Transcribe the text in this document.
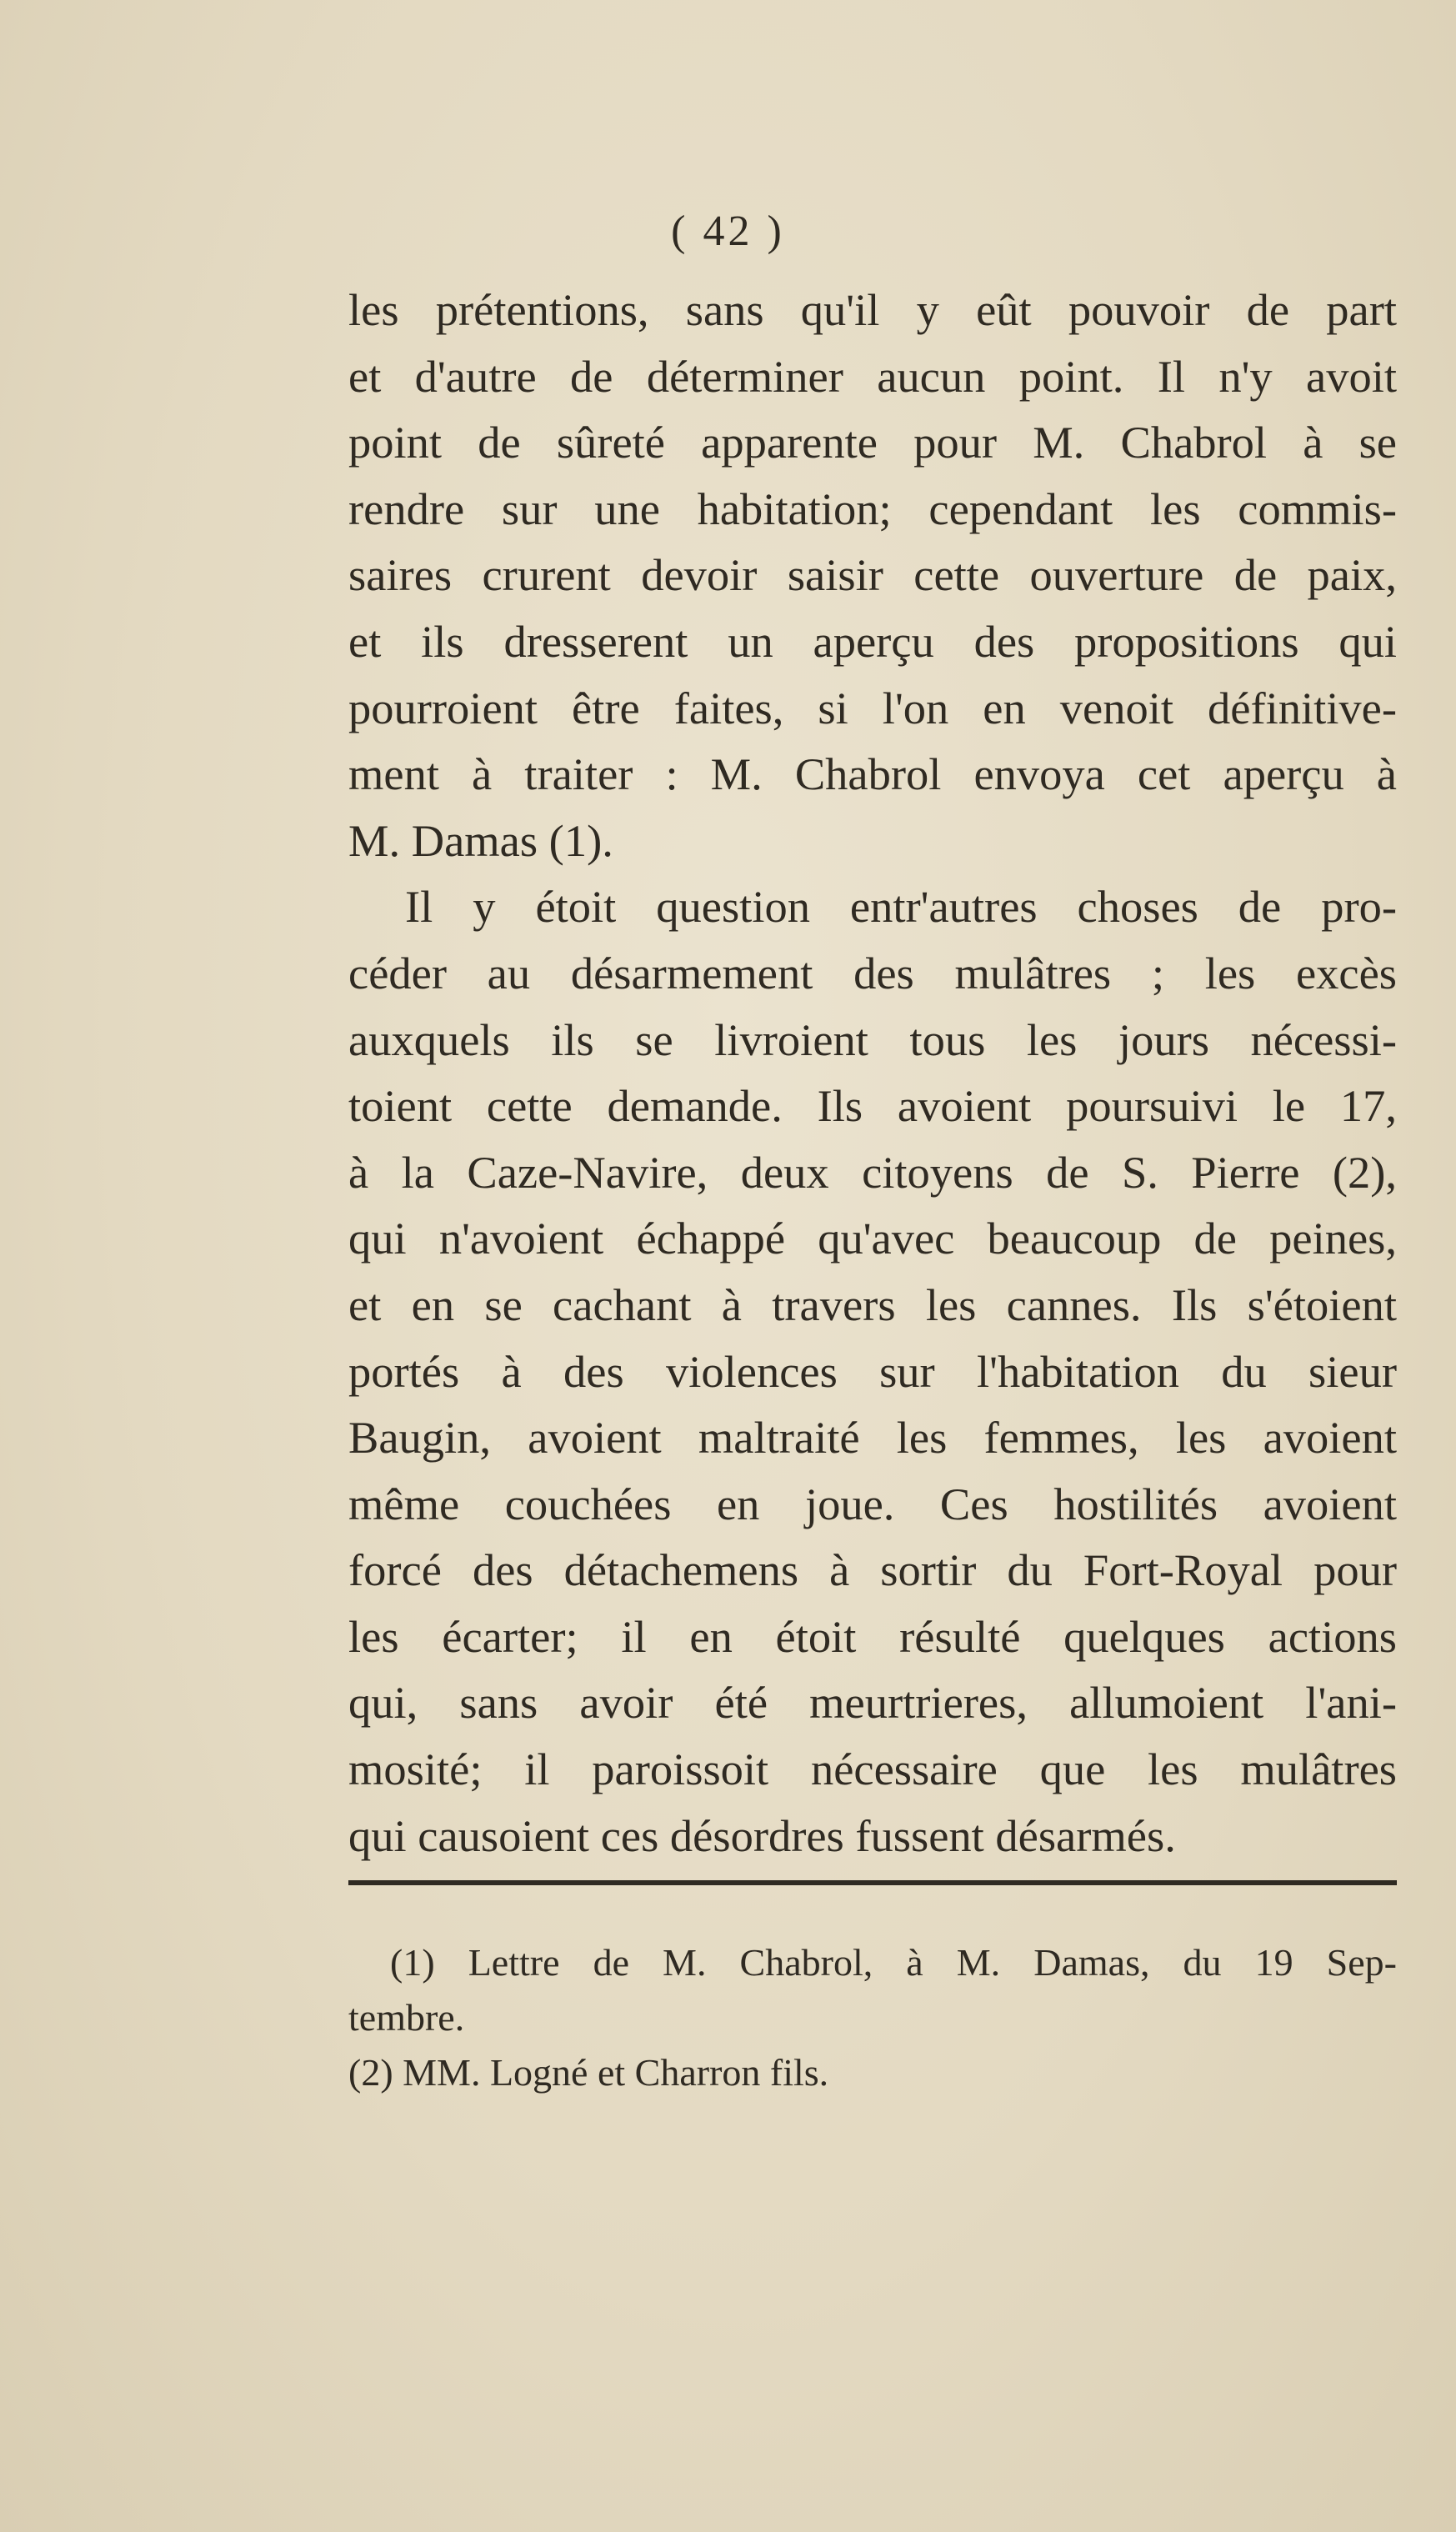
( 42 )
les prétentions, sans qu'il y eût pouvoir de part
et d'autre de déterminer aucun point. Il n'y avoit
point de sûreté apparente pour M. Chabrol à se
rendre sur une habitation; cependant les commis-
saires crurent devoir saisir cette ouverture de paix,
et ils dresserent un aperçu des propositions qui
pourroient être faites, si l'on en venoit définitive-
ment à traiter : M. Chabrol envoya cet aperçu à
M. Damas (1).
Il y étoit question entr'autres choses de pro-
céder au désarmement des mulâtres ; les excès
auxquels ils se livroient tous les jours nécessi-
toient cette demande. Ils avoient poursuivi le 17,
à la Caze-Navire, deux citoyens de S. Pierre (2),
qui n'avoient échappé qu'avec beaucoup de peines,
et en se cachant à travers les cannes. Ils s'étoient
portés à des violences sur l'habitation du sieur
Baugin, avoient maltraité les femmes, les avoient
même couchées en joue. Ces hostilités avoient
forcé des détachemens à sortir du Fort-Royal pour
les écarter; il en étoit résulté quelques actions
qui, sans avoir été meurtrieres, allumoient l'ani-
mosité; il paroissoit nécessaire que les mulâtres
qui causoient ces désordres fussent désarmés.
(1) Lettre de M. Chabrol, à M. Damas, du 19 Sep-
tembre.
(2) MM. Logné et Charron fils.
